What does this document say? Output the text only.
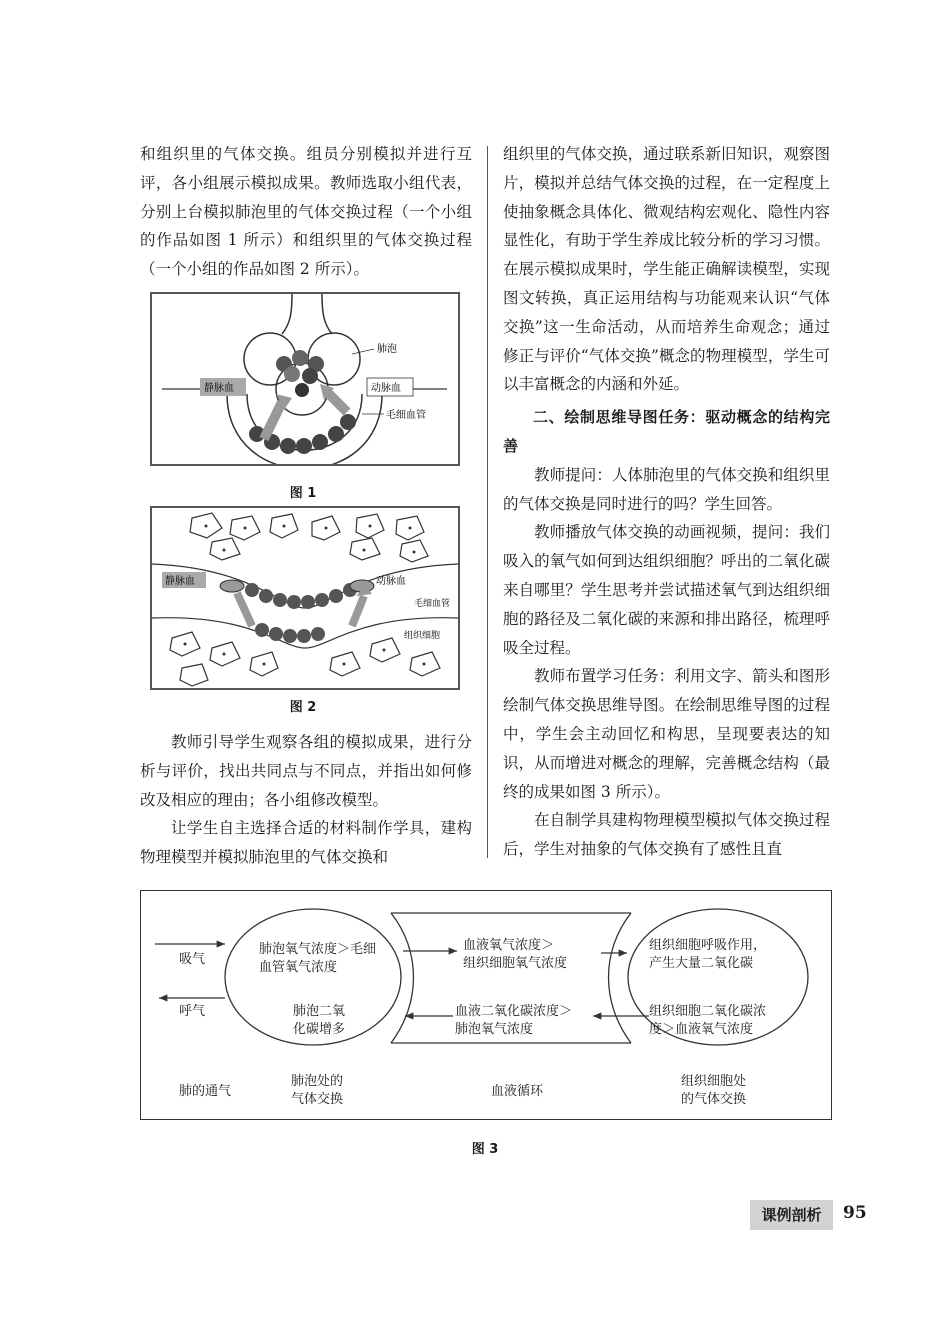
和组织里的气体交换。组员分别模拟并进行互评，各小组展示模拟成果。教师选取小组代表，分别上台模拟肺泡里的气体交换过程（一个小组的作品如图 1 所示）和组织里的气体交换过程（一个小组的作品如图 2 所示）。

肺泡
静脉血	动脉血
毛细血管
图 1
静脉血	动脉血
毛细血管
组织细胞
图 2

教师引导学生观察各组的模拟成果，进行分析与评价，找出共同点与不同点，并指出如何修改及相应的理由；各小组修改模型。

让学生自主选择合适的材料制作学具，建构物理模型并模拟肺泡里的气体交换和

组织里的气体交换，通过联系新旧知识，观察图片，模拟并总结气体交换的过程，在一定程度上使抽象概念具体化、微观结构宏观化、隐性内容显性化，有助于学生养成比较分析的学习习惯。在展示模拟成果时，学生能正确解读模型，实现图文转换，真正运用结构与功能观来认识“气体交换”这一生命活动，从而培养生命观念；通过修正与评价“气体交换”概念的物理模型，学生可以丰富概念的内涵和外延。

二、绘制思维导图任务：驱动概念的结构完善

教师提问：人体肺泡里的气体交换和组织里的气体交换是同时进行的吗？学生回答。

教师播放气体交换的动画视频，提问：我们吸入的氧气如何到达组织细胞？呼出的二氧化碳来自哪里？学生思考并尝试描述氧气到达组织细胞的路径及二氧化碳的来源和排出路径，梳理呼吸全过程。

教师布置学习任务：利用文字、箭头和图形绘制气体交换思维导图。在绘制思维导图的过程中，学生会主动回忆和构思，呈现要表达的知识，从而增进对概念的理解，完善概念结构（最终的成果如图 3 所示）。

在自制学具建构物理模型模拟气体交换过程后，学生对抽象的气体交换有了感性且直

吸气
呼气
肺泡氧气浓度＞毛细
血管氧气浓度
肺泡二氧
化碳增多
血液氧气浓度＞
组织细胞氧气浓度
血液二氧化碳浓度＞
肺泡氧气浓度
组织细胞呼吸作用，
产生大量二氧化碳
组织细胞二氧化碳浓
度＞血液氧气浓度
肺的通气
肺泡处的
气体交换
血液循环
组织细胞处
的气体交换
图 3
课例剖析	95
